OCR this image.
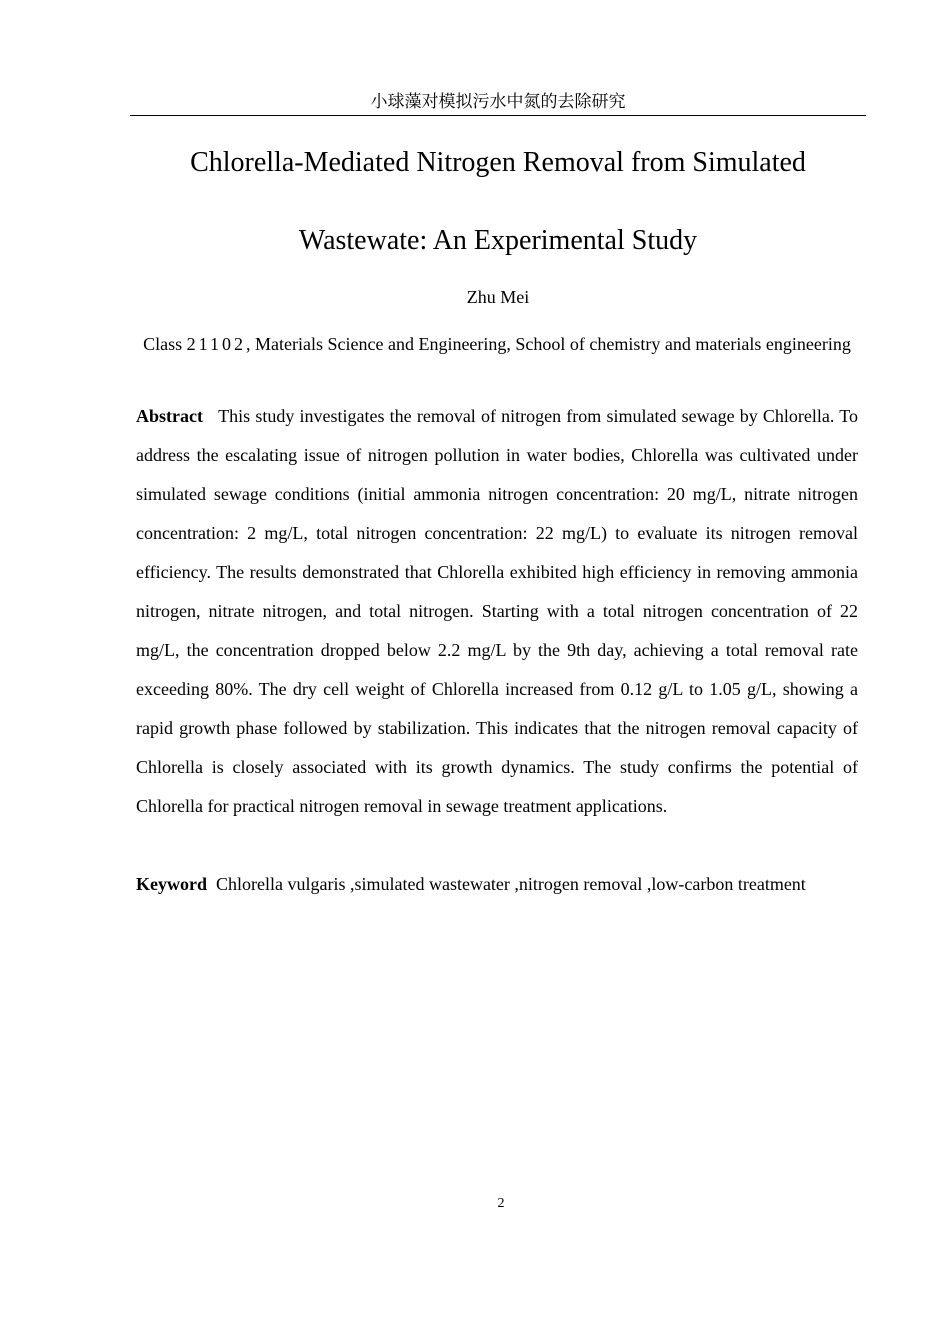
小球藻对模拟污水中氮的去除研究
Chlorella-Mediated Nitrogen Removal from Simulated
Wastewate: An Experimental Study
Zhu Mei
Class 21102, Materials Science and Engineering, School of chemistry and materials engineering

Abstract This study investigates the removal of nitrogen from simulated sewage by Chlorella. To address the escalating issue of nitrogen pollution in water bodies, Chlorella was cultivated under simulated sewage conditions (initial ammonia nitrogen concentration: 20 mg/L, nitrate nitrogen concentration: 2 mg/L, total nitrogen concentration: 22 mg/L) to evaluate its nitrogen removal efficiency. The results demonstrated that Chlorella exhibited high efficiency in removing ammonia nitrogen, nitrate nitrogen, and total nitrogen. Starting with a total nitrogen concentration of 22 mg/L, the concentration dropped below 2.2 mg/L by the 9th day, achieving a total removal rate exceeding 80%. The dry cell weight of Chlorella increased from 0.12 g/L to 1.05 g/L, showing a rapid growth phase followed by stabilization. This indicates that the nitrogen removal capacity of Chlorella is closely associated with its growth dynamics. The study confirms the potential of Chlorella for practical nitrogen removal in sewage treatment applications.

Keyword Chlorella vulgaris ,simulated wastewater ,nitrogen removal ,low-carbon treatment

2
